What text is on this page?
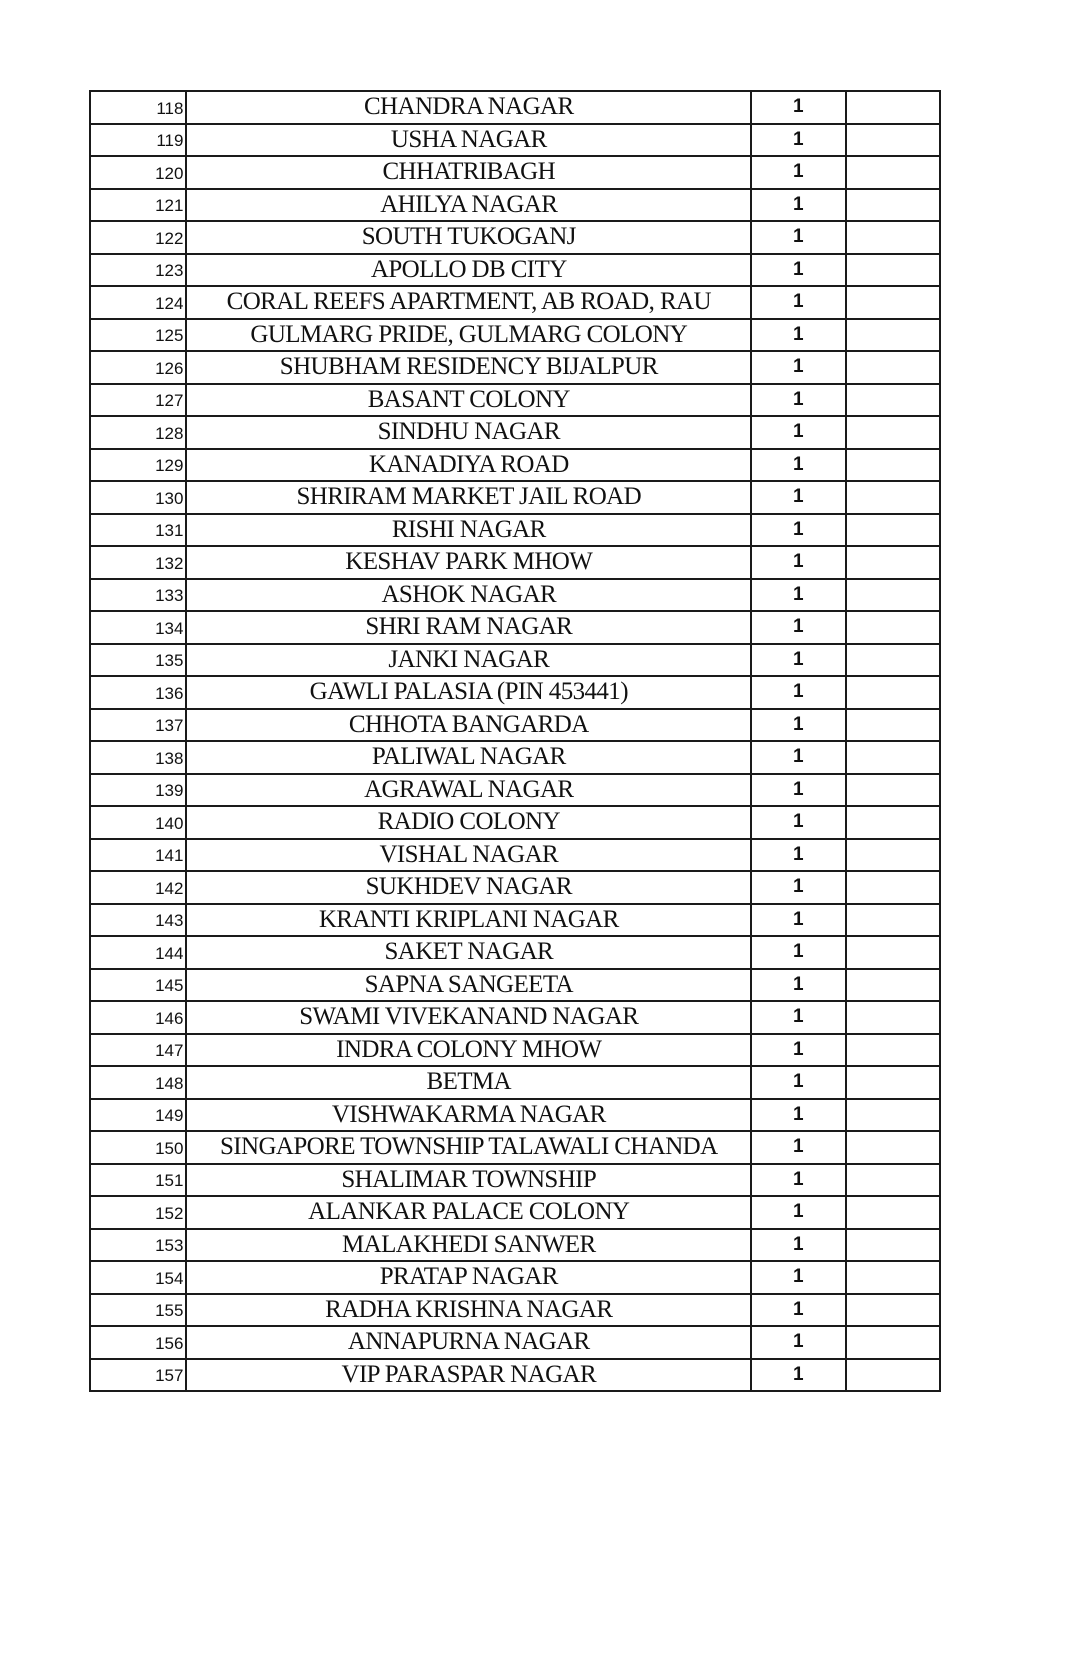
118	CHANDRA NAGAR	1	
119	USHA NAGAR	1	
120	CHHATRIBAGH	1	
121	AHILYA NAGAR	1	
122	SOUTH TUKOGANJ	1	
123	APOLLO DB CITY	1	
124	CORAL REEFS APARTMENT, AB ROAD, RAU	1	
125	GULMARG PRIDE, GULMARG COLONY	1	
126	SHUBHAM RESIDENCY BIJALPUR	1	
127	BASANT COLONY	1	
128	SINDHU NAGAR	1	
129	KANADIYA ROAD	1	
130	SHRIRAM MARKET JAIL ROAD	1	
131	RISHI NAGAR	1	
132	KESHAV PARK MHOW	1	
133	ASHOK NAGAR	1	
134	SHRI RAM NAGAR	1	
135	JANKI NAGAR	1	
136	GAWLI PALASIA (PIN 453441)	1	
137	CHHOTA BANGARDA	1	
138	PALIWAL NAGAR	1	
139	AGRAWAL NAGAR	1	
140	RADIO COLONY	1	
141	VISHAL NAGAR	1	
142	SUKHDEV NAGAR	1	
143	KRANTI KRIPLANI NAGAR	1	
144	SAKET NAGAR	1	
145	SAPNA SANGEETA	1	
146	SWAMI VIVEKANAND NAGAR	1	
147	INDRA COLONY MHOW	1	
148	BETMA	1	
149	VISHWAKARMA NAGAR	1	
150	SINGAPORE TOWNSHIP TALAWALI CHANDA	1	
151	SHALIMAR TOWNSHIP	1	
152	ALANKAR PALACE COLONY	1	
153	MALAKHEDI SANWER	1	
154	PRATAP NAGAR	1	
155	RADHA KRISHNA NAGAR	1	
156	ANNAPURNA NAGAR	1	
157	VIP PARASPAR NAGAR	1	
